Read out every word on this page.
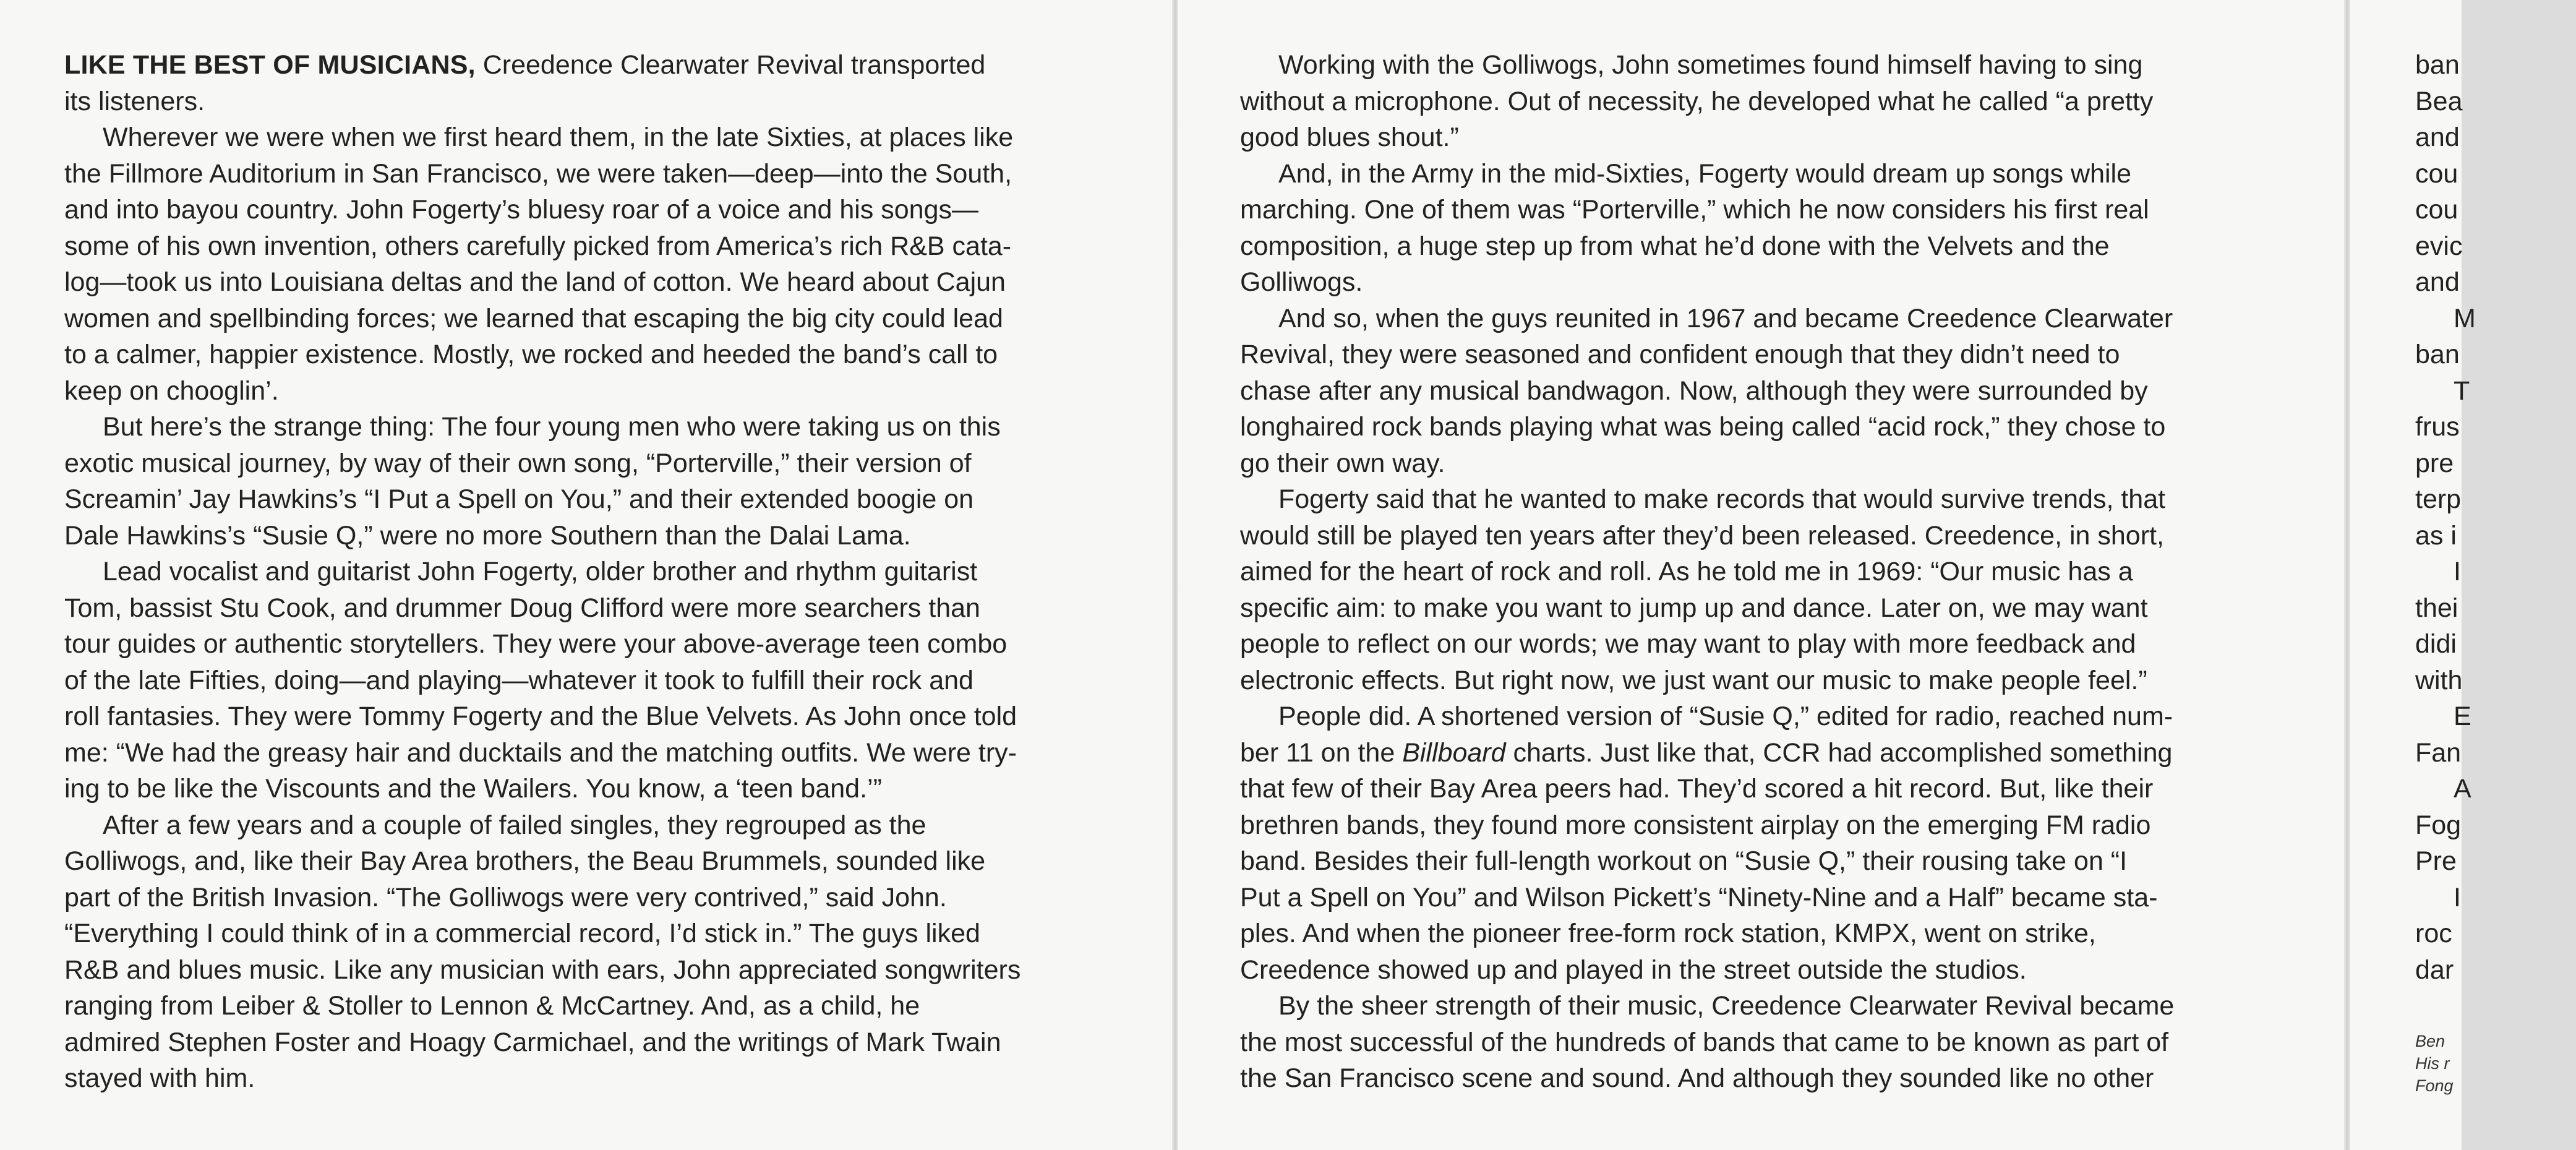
LIKE THE BEST OF MUSICIANS, Creedence Clearwater Revival transported
its listeners.
Wherever we were when we first heard them, in the late Sixties, at places like
the Fillmore Auditorium in San Francisco, we were taken—deep—into the South,
and into bayou country. John Fogerty’s bluesy roar of a voice and his songs—
some of his own invention, others carefully picked from America’s rich R&B cata-
log—took us into Louisiana deltas and the land of cotton. We heard about Cajun
women and spellbinding forces; we learned that escaping the big city could lead
to a calmer, happier existence. Mostly, we rocked and heeded the band’s call to
keep on chooglin’.
But here’s the strange thing: The four young men who were taking us on this
exotic musical journey, by way of their own song, “Porterville,” their version of
Screamin’ Jay Hawkins’s “I Put a Spell on You,” and their extended boogie on
Dale Hawkins’s “Susie Q,” were no more Southern than the Dalai Lama.
Lead vocalist and guitarist John Fogerty, older brother and rhythm guitarist
Tom, bassist Stu Cook, and drummer Doug Clifford were more searchers than
tour guides or authentic storytellers. They were your above-average teen combo
of the late Fifties, doing—and playing—whatever it took to fulfill their rock and
roll fantasies. They were Tommy Fogerty and the Blue Velvets. As John once told
me: “We had the greasy hair and ducktails and the matching outfits. We were try-
ing to be like the Viscounts and the Wailers. You know, a ‘teen band.’”
After a few years and a couple of failed singles, they regrouped as the
Golliwogs, and, like their Bay Area brothers, the Beau Brummels, sounded like
part of the British Invasion. “The Golliwogs were very contrived,” said John.
“Everything I could think of in a commercial record, I’d stick in.” The guys liked
R&B and blues music. Like any musician with ears, John appreciated songwriters
ranging from Leiber & Stoller to Lennon & McCartney. And, as a child, he
admired Stephen Foster and Hoagy Carmichael, and the writings of Mark Twain
stayed with him.
Working with the Golliwogs, John sometimes found himself having to sing
without a microphone. Out of necessity, he developed what he called “a pretty
good blues shout.”
And, in the Army in the mid-Sixties, Fogerty would dream up songs while
marching. One of them was “Porterville,” which he now considers his first real
composition, a huge step up from what he’d done with the Velvets and the
Golliwogs.
And so, when the guys reunited in 1967 and became Creedence Clearwater
Revival, they were seasoned and confident enough that they didn’t need to
chase after any musical bandwagon. Now, although they were surrounded by
longhaired rock bands playing what was being called “acid rock,” they chose to
go their own way.
Fogerty said that he wanted to make records that would survive trends, that
would still be played ten years after they’d been released. Creedence, in short,
aimed for the heart of rock and roll. As he told me in 1969: “Our music has a
specific aim: to make you want to jump up and dance. Later on, we may want
people to reflect on our words; we may want to play with more feedback and
electronic effects. But right now, we just want our music to make people feel.”
People did. A shortened version of “Susie Q,” edited for radio, reached num-
ber 11 on the Billboard charts. Just like that, CCR had accomplished something
that few of their Bay Area peers had. They’d scored a hit record. But, like their
brethren bands, they found more consistent airplay on the emerging FM radio
band. Besides their full-length workout on “Susie Q,” their rousing take on “I
Put a Spell on You” and Wilson Pickett’s “Ninety-Nine and a Half” became sta-
ples. And when the pioneer free-form rock station, KMPX, went on strike,
Creedence showed up and played in the street outside the studios.
By the sheer strength of their music, Creedence Clearwater Revival became
the most successful of the hundreds of bands that came to be known as part of
the San Francisco scene and sound. And although they sounded like no other
ban
Bea
and
cou
cou
evic
and
M
ban
T
frus
pre
terp
as i
I
thei
didi
with
E
Fan
A
Fog
Pre
I
roc
dar
Ben
His r
Fong
